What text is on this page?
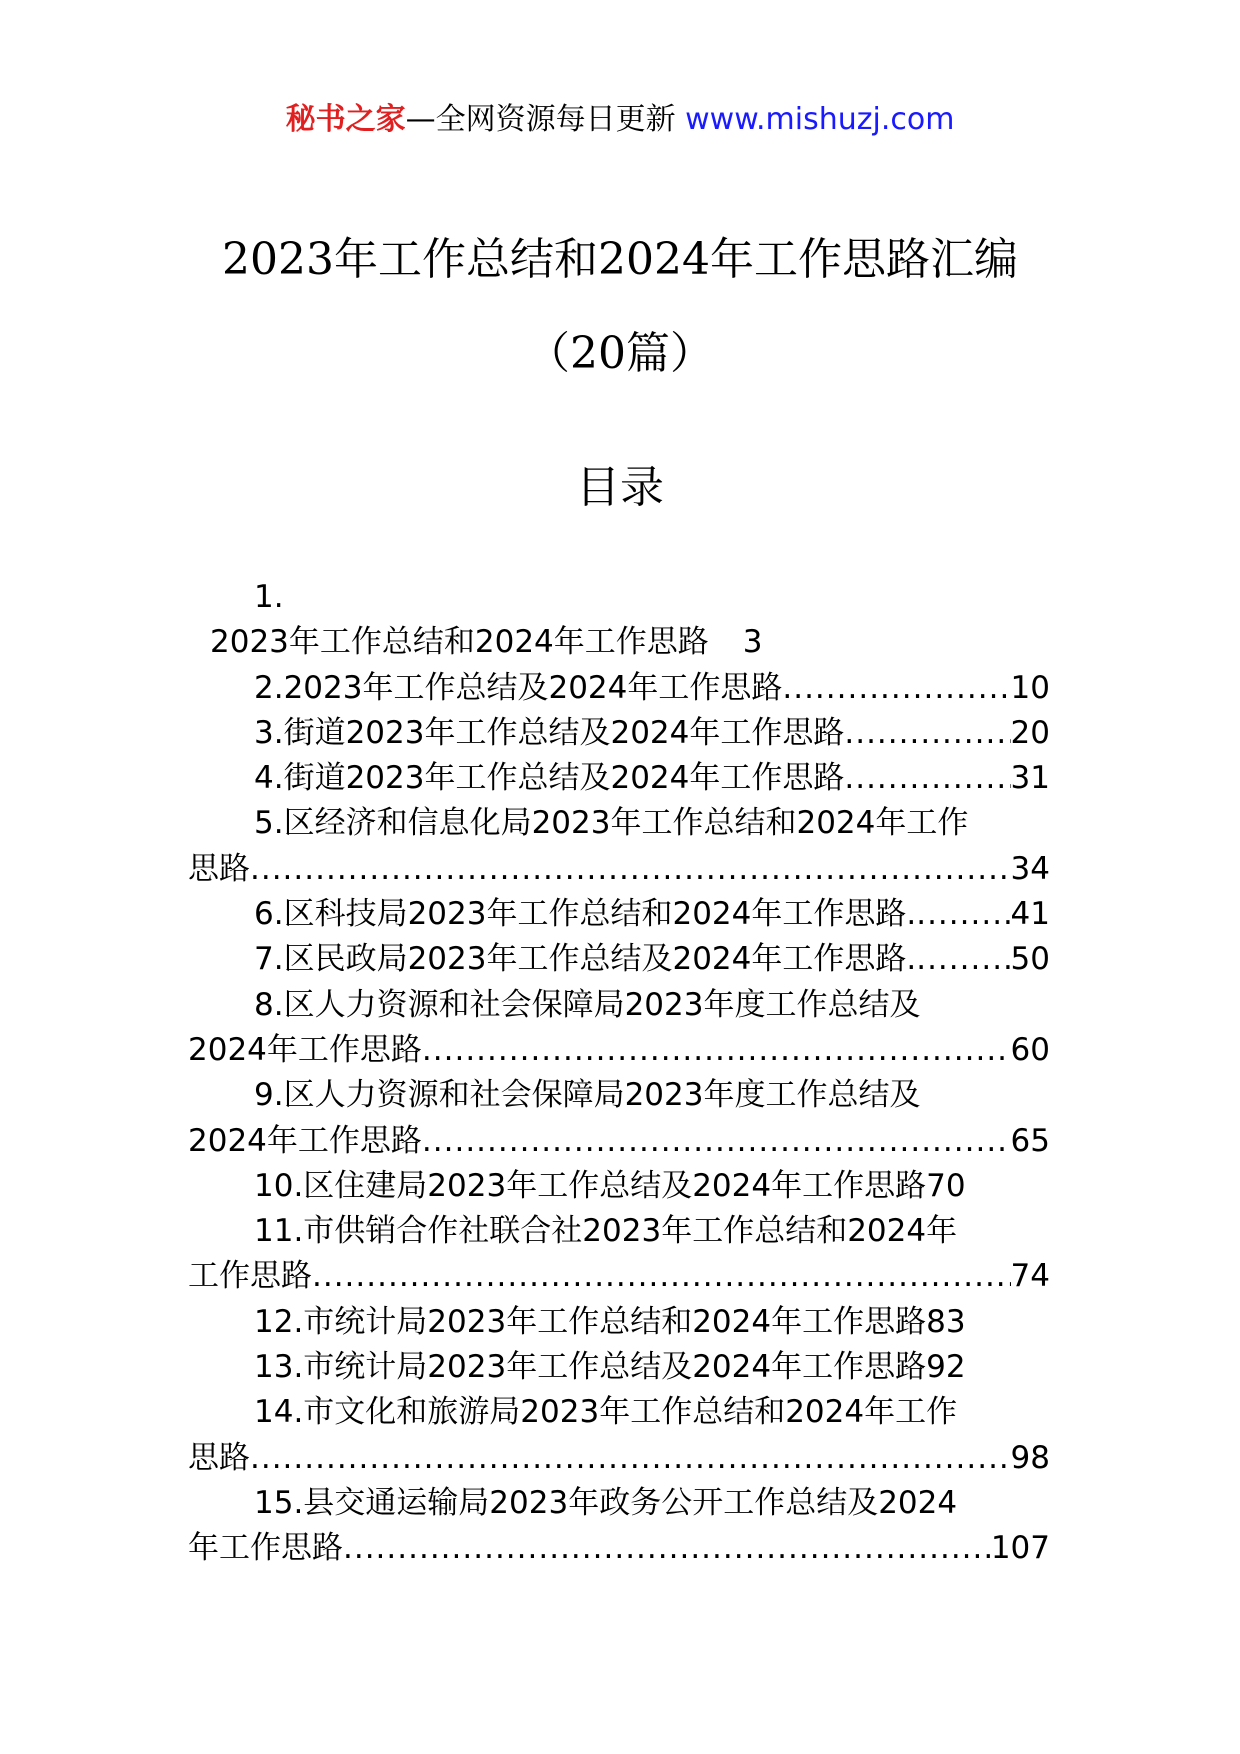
秘书之家—全网资源每日更新 www.mishuzj.com
2023年工作总结和2024年工作思路汇编
（20篇）
目录
1.
2023年工作总结和2024年工作思路 3
2.2023年工作总结及2024年工作思路 .....	10
3.街道2023年工作总结及2024年工作思路 .....	20
4.街道2023年工作总结及2024年工作思路 .....	31
5.区经济和信息化局2023年工作总结和2024年工作
思路 .....	34
6.区科技局2023年工作总结和2024年工作思路. .....	41
7.区民政局2023年工作总结及2024年工作思路. .....	50
8.区人力资源和社会保障局2023年度工作总结及
2024年工作思路 .....	60
9.区人力资源和社会保障局2023年度工作总结及
2024年工作思路 .....	65
10.区住建局2023年工作总结及2024年工作思路 70
11.市供销合作社联合社2023年工作总结和2024年
工作思路 .....	74
12.市统计局2023年工作总结和2024年工作思路 83
13.市统计局2023年工作总结及2024年工作思路 92
14.市文化和旅游局2023年工作总结和2024年工作
思路 .....	98
15.县交通运输局2023年政务公开工作总结及2024
年工作思路 .....	107
